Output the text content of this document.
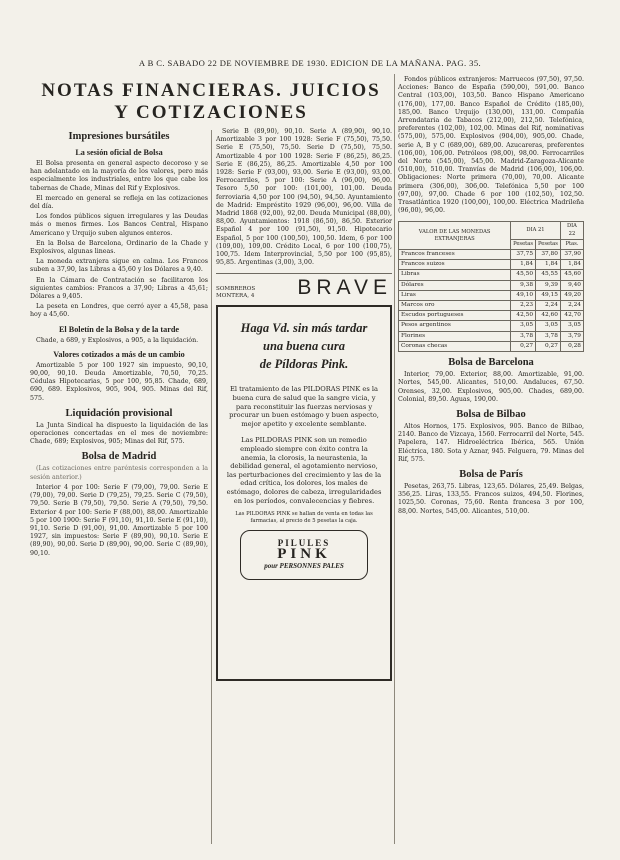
A B C. SABADO 22 DE NOVIEMBRE DE 1930. EDICION DE LA MAÑANA. PAG. 35.
NOTAS FINANCIERAS. JUICIOS
Y COTIZACIONES
Impresiones bursátiles
La sesión oficial de Bolsa

El Bolsa presenta en general aspecto decoroso y se han adelantado en la mayoría de los valores, pero más especialmente los industriales, entre los que cabe los tabernas de Chade, Minas del Rif y Explosivos.

El mercado en general se refleja en las cotizaciones del día.

Los fondos públicos siguen irregulares y las Deudas más o menos firmes. Los Bancos Central, Hispano Americano y Urquijo suben algunos enteros.

En la Bolsa de Barcelona, Ordinario de la Chade y Explosivos, algunas lineas.

La moneda extranjera sigue en calma. Los Francos suben a 37,90, las Libras a 45,60 y los Dólares a 9,40.

En la Cámara de Contratación se facilitaron los siguientes cambios: Francos a 37,90; Libras a 45,61; Dólares a 9,405.

La peseta en Londres, que cerró ayer a 45,58, pasa hoy a 45,60.

El Boletín de la Bolsa y de la tarde

Chade, a 689, y Explosivos, a 905, a la liquidación.

Valores cotizados a más de un cambio

Amortizable 5 por 100 1927 sin impuesto, 90,10, 90,00, 90,10. Deuda Amortizable, 70,50, 70,25. Cédulas Hipotecarias, 5 por 100, 95,85. Chade, 689, 690, 689. Explosivos, 905, 904, 905. Minas del Rif, 575.

Liquidación provisional

La Junta Sindical ha dispuesto la liquidación de las operaciones concertadas en el mes de noviembre: Chade, 689; Explosivos, 905; Minas del Rif, 575.

Bolsa de Madrid

(Las cotizaciones entre paréntesis corresponden a la sesión anterior.)

Interior 4 por 100: Serie F (79,00), 79,00. Serie E (79,00), 79,00. Serie D (79,25), 79,25. Serie C (79,50), 79,50. Serie B (79,50), 79,50. Serie A (79,50), 79,50. Exterior 4 por 100: Serie F (88,00), 88,00. Amortizable 5 por 100 1900: Serie F (91,10), 91,10. Serie E (91,10), 91,10. Serie D (91,00), 91,00. Amortizable 5 por 100 1927, sin impuestos: Serie F (89,90), 90,10. Serie E (89,90), 90,00. Serie D (89,90), 90,00. Serie C (89,90), 90,10.

Serie B (89,90), 90,10. Serie A (89,90), 90,10. Amortizable 3 por 100 1928: Serie F (75,50), 75,50. Serie E (75,50), 75,50. Serie D (75,50), 75,50. Amortizable 4 por 100 1928: Serie F (86,25), 86,25. Serie E (86,25), 86,25. Amortizable 4,50 por 100 1928: Serie F (93,00), 93,00. Serie E (93,00), 93,00. Ferrocarriles, 5 por 100: Serie A (96,00), 96,00. Tesoro 5,50 por 100: (101,00), 101,00. Deuda ferroviaria 4,50 por 100 (94,50), 94,50. Ayuntamiento de Madrid: Empréstito 1929 (96,00), 96,00. Villa de Madrid 1868 (92,00), 92,00. Deuda Municipal (88,00), 88,00. Ayuntamientos: 1918 (86,50), 86,50. Exterior Español 4 por 100 (91,50), 91,50. Hipotecario Español, 5 por 100 (100,50), 100,50. Idem, 6 por 100 (109,00), 109,00. Crédito Local, 6 por 100 (100,75), 100,75. Idem Interprovincial, 5,50 por 100 (95,85), 95,85. Argentinas (3,00), 3,00.

SOMBREROS
MONTERA, 4 BRAVE
Haga Vd. sin más tardar
una buena cura
de Píldoras Pink.
El tratamiento de las PILDORAS PINK es la buena cura de salud que la sangre vicia, y para reconstituir las fuerzas nerviosas y procurar un buen estómago y buen aspecto, mejor apetito y excelente semblante.
Las PILDORAS PINK son un remedio empleado siempre con éxito contra la anemia, la clorosis, la neurastenia, la debilidad general, el agotamiento nervioso, las perturbaciones del crecimiento y las de la edad crítica, los dolores, los males de estómago, dolores de cabeza, irregularidades en los períodos, convalecencias y fiebres.
Las PILDORAS PINK se hallan de venta en todas las farmacias, al precio de 5 pesetas la caja.
PILULES
PINK
pour PERSONNES PALES

Fondos públicos extranjeros: Marruecos (97,50), 97,50. Acciones: Banco de España (590,00), 591,00. Banco Central (103,00), 103,50. Banco Hispano Americano (176,00), 177,00. Banco Español de Crédito (185,00), 185,00. Banco Urquijo (130,00), 131,00. Compañía Arrendataria de Tabacos (212,00), 212,50. Telefónica, preferentes (102,00), 102,00. Minas del Rif, nominativas (575,00), 575,00. Explosivos (904,00), 905,00. Chade, serie A, B y C (689,00), 689,00. Azucareras, preferentes (106,00), 106,00. Petróleos (98,00), 98,00. Ferrocarriles del Norte (545,00), 545,00. Madrid-Zaragoza-Alicante (510,00), 510,00. Tranvías de Madrid (106,00), 106,00. Obligaciones: Norte primera (70,00), 70,00. Alicante primera (306,00), 306,00. Telefónica 5,50 por 100 (97,00), 97,00. Chade 6 por 100 (102,50), 102,50. Trasatlántica 1920 (100,00), 100,00. Eléctrica Madrileña (96,00), 96,00.

VALOR DE LAS MONEDAS EXTRANJERAS	DIA 21		DIA 22
	Pesetas	Pesetas	Ptas.
Francos franceses	37,75	37,80	37,90
Francos suizos	1,84	1,84	1,84
Libras	45,50	45,55	45,60
Dólares	9,38	9,39	9,40
Liras	49,10	49,15	49,20
Marcos oro	2,23	2,24	2,24
Escudos portugueses	42,50	42,60	42,70
Pesos argentinos	3,05	3,05	3,05
Florines	3,78	3,78	3,79
Coronas checas	0,27	0,27	0,28
Bolsa de Barcelona

Interior, 79,00. Exterior, 88,00. Amortizable, 91,00. Nortes, 545,00. Alicantes, 510,00. Andaluces, 67,50. Orenses, 32,00. Explosivos, 905,00. Chades, 689,00. Colonial, 89,50. Aguas, 190,00.

Bolsa de Bilbao

Altos Hornos, 175. Explosivos, 905. Banco de Bilbao, 2140. Banco de Vizcaya, 1560. Ferrocarril del Norte, 545. Papelera, 147. Hidroeléctrica Ibérica, 565. Unión Eléctrica, 180. Sota y Aznar, 945. Felguera, 79. Minas del Rif, 575.

Bolsa de París

Pesetas, 263,75. Libras, 123,65. Dólares, 25,49. Belgas, 356,25. Liras, 133,55. Francos suizos, 494,50. Florines, 1025,50. Coronas, 75,60. Renta francesa 3 por 100, 88,00. Nortes, 545,00. Alicantes, 510,00.
